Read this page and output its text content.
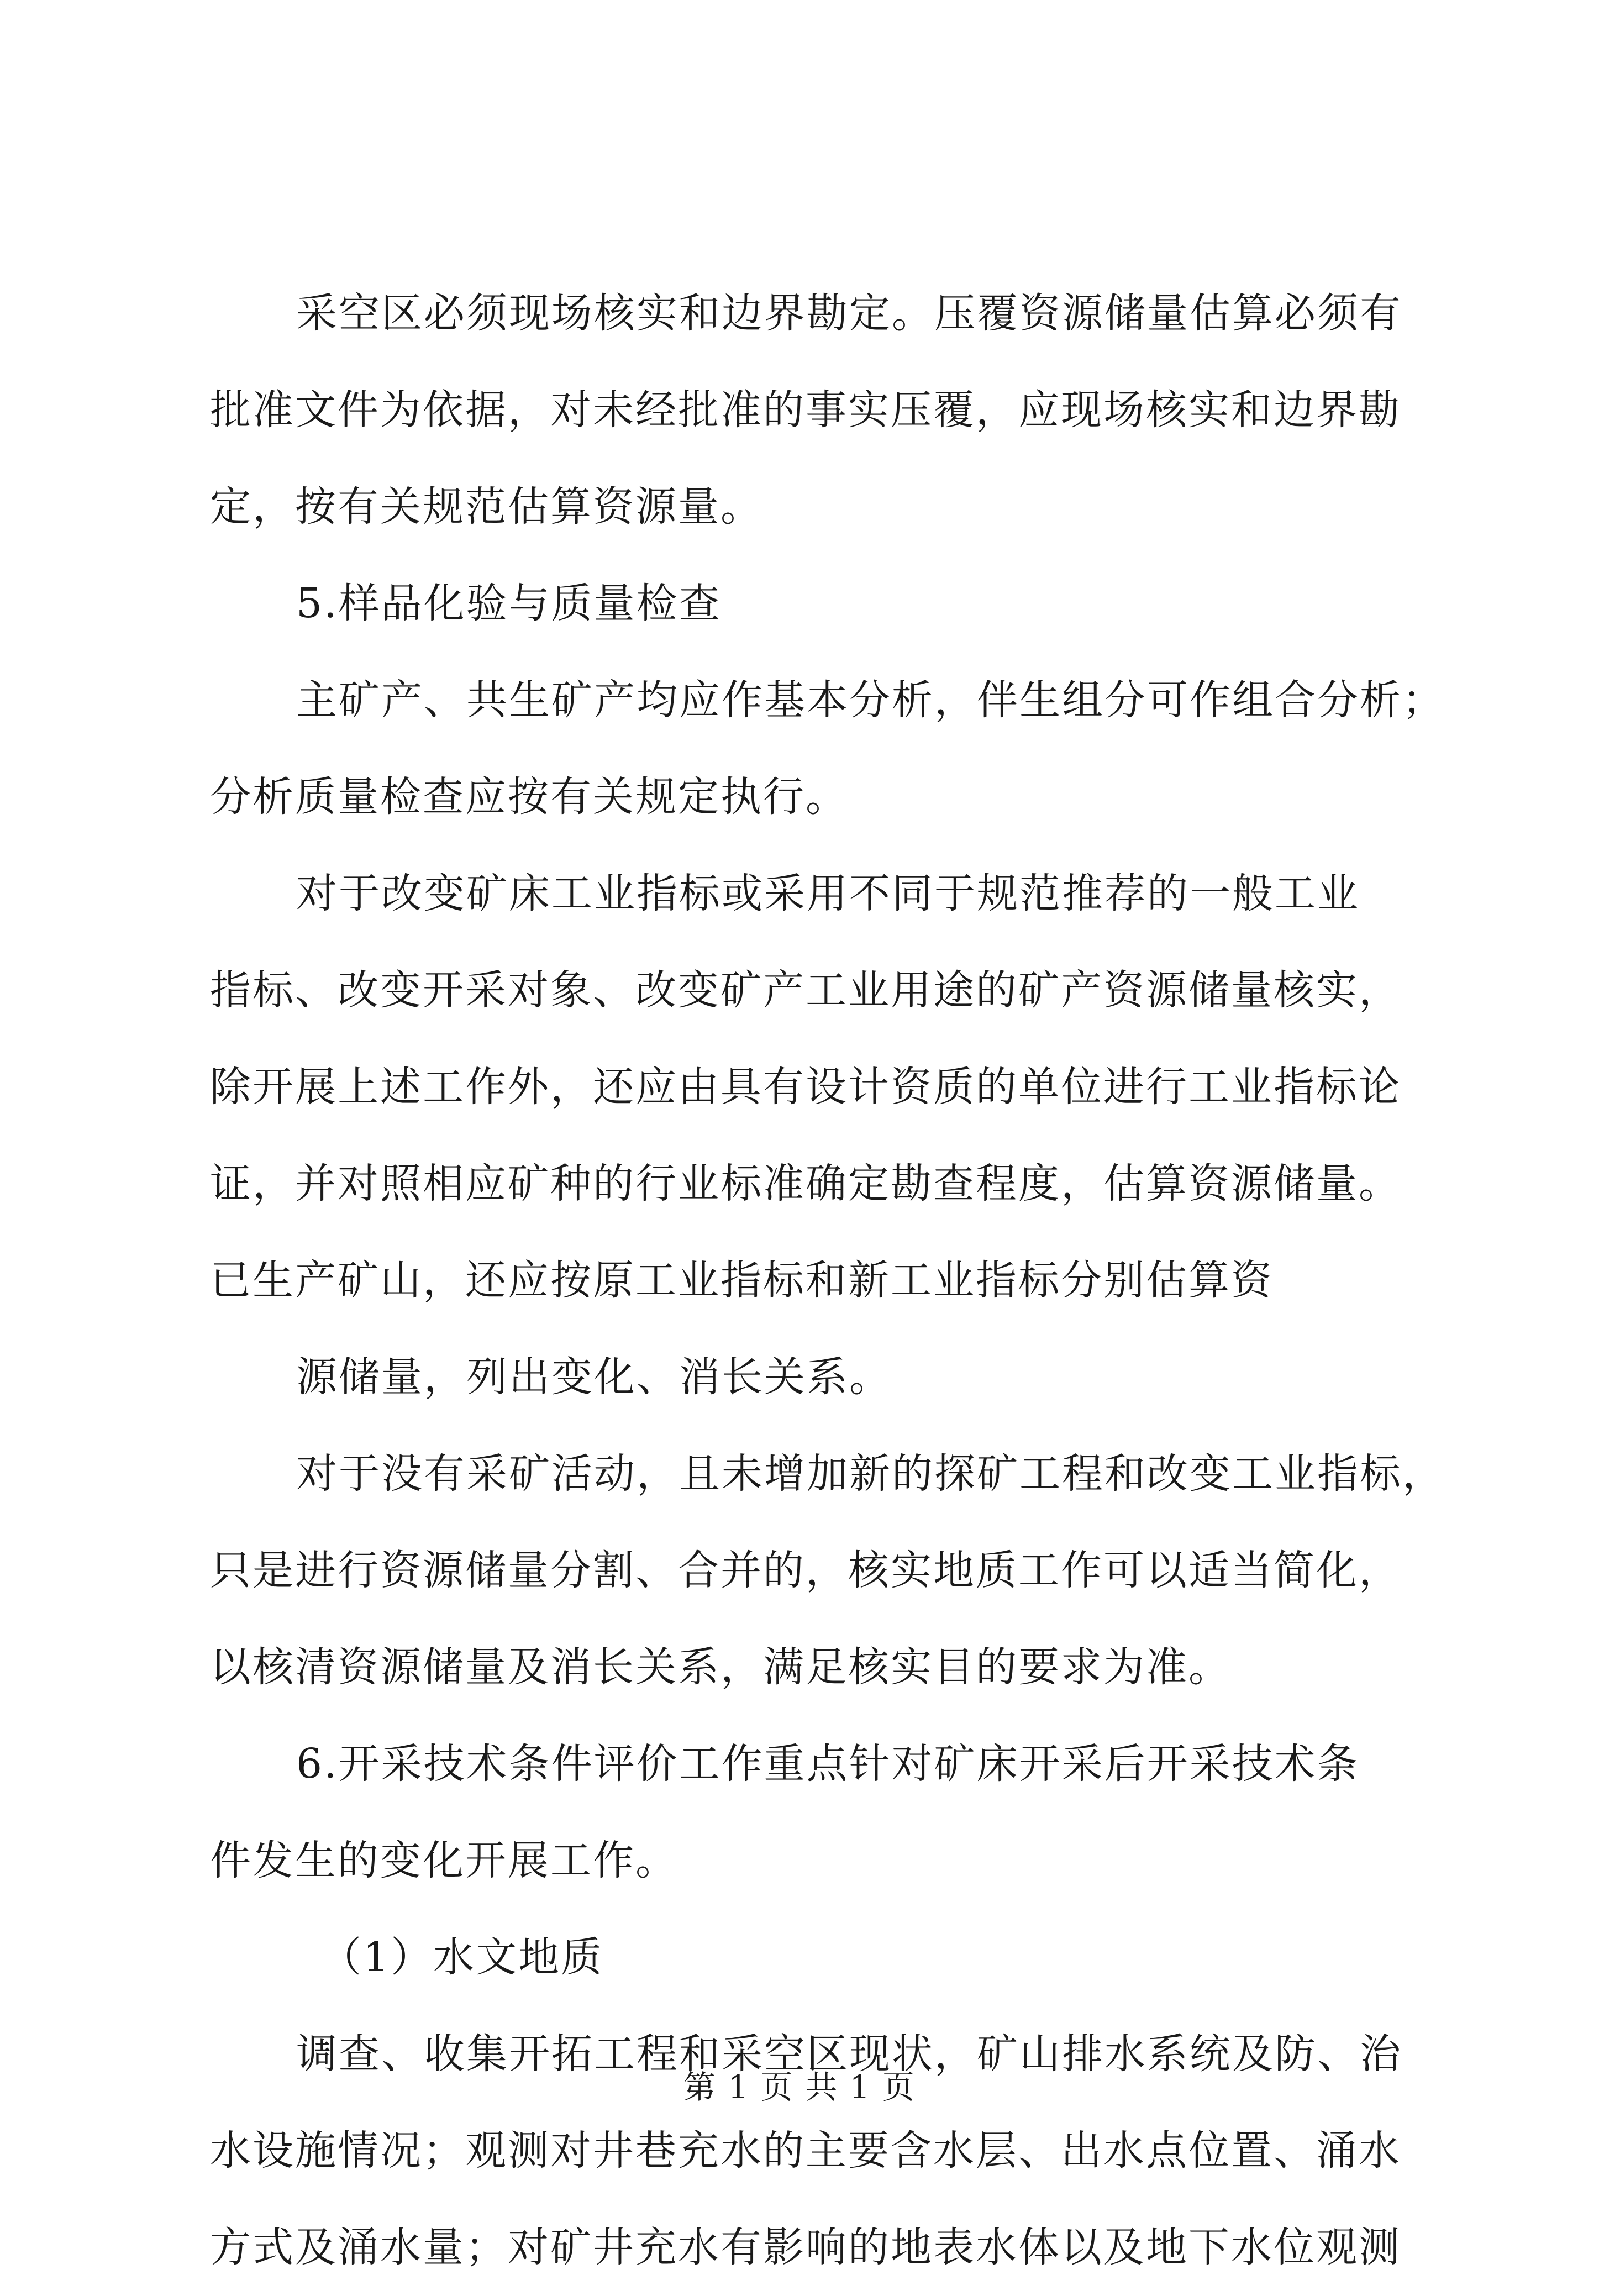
采空区必须现场核实和边界勘定。压覆资源储量估算必须有
批准文件为依据，对未经批准的事实压覆，应现场核实和边界勘
定，按有关规范估算资源量。
5.样品化验与质量检查
主矿产、共生矿产均应作基本分析，伴生组分可作组合分析；
分析质量检查应按有关规定执行。
对于改变矿床工业指标或采用不同于规范推荐的一般工业
指标、改变开采对象、改变矿产工业用途的矿产资源储量核实，
除开展上述工作外，还应由具有设计资质的单位进行工业指标论
证，并对照相应矿种的行业标准确定勘查程度，估算资源储量。
已生产矿山，还应按原工业指标和新工业指标分别估算资
源储量，列出变化、消长关系。
对于没有采矿活动，且未增加新的探矿工程和改变工业指标，
只是进行资源储量分割、合并的，核实地质工作可以适当简化，
以核清资源储量及消长关系，满足核实目的要求为准。
6.开采技术条件评价工作重点针对矿床开采后开采技术条
件发生的变化开展工作。
（1）水文地质
调查、收集开拓工程和采空区现状，矿山排水系统及防、治
水设施情况；观测对井巷充水的主要含水层、出水点位置、涌水
方式及涌水量；对矿井充水有影响的地表水体以及地下水位观测
第 1 页 共 1 页
